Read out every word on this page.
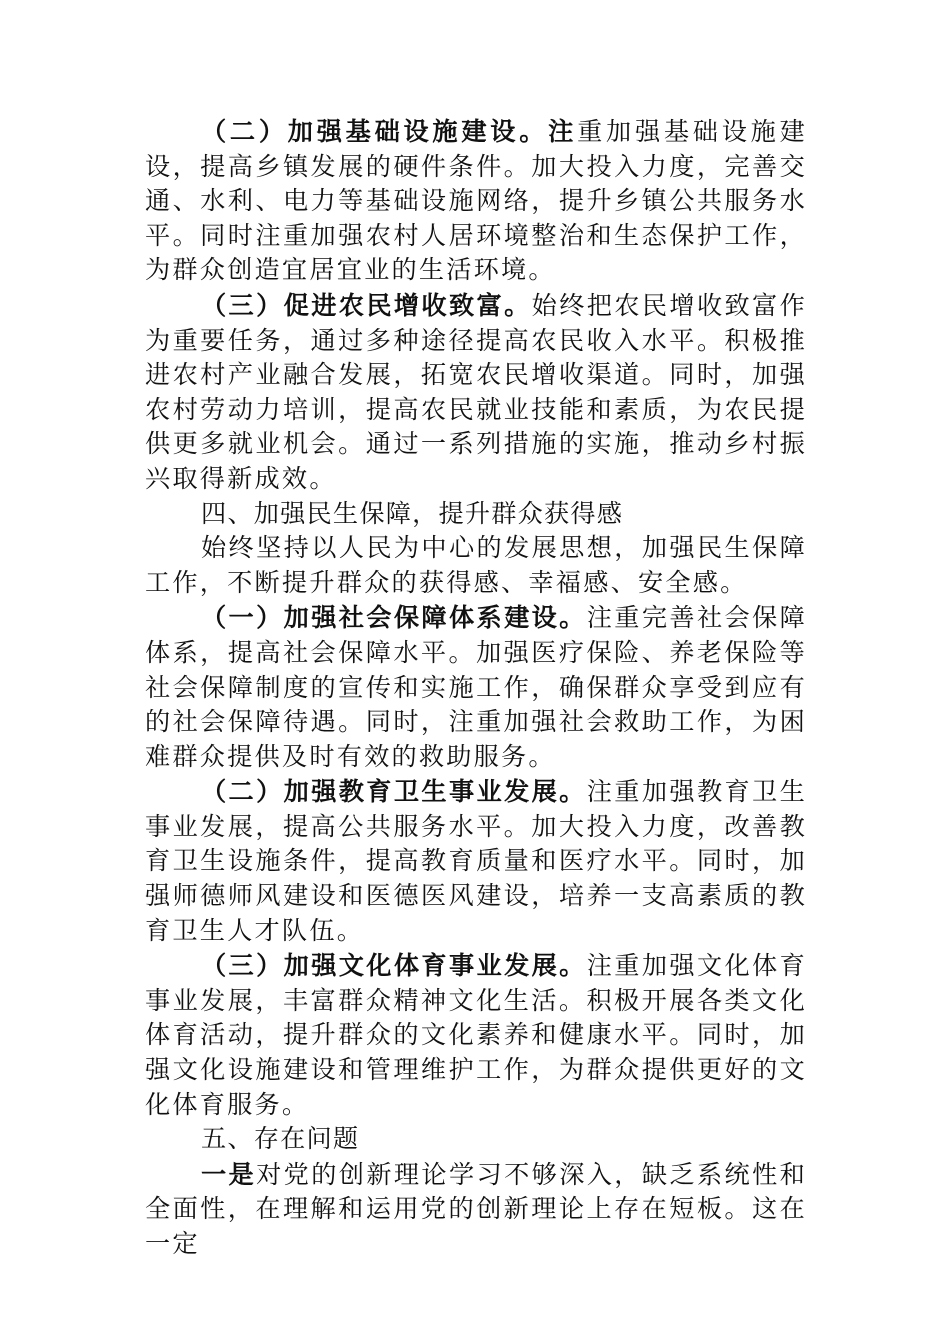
（二）加强基础设施建设。注重加强基础设施建设，提高乡镇发展的硬件条件。加大投入力度，完善交通、水利、电力等基础设施网络，提升乡镇公共服务水平。同时注重加强农村人居环境整治和生态保护工作，为群众创造宜居宜业的生活环境。

（三）促进农民增收致富。始终把农民增收致富作为重要任务，通过多种途径提高农民收入水平。积极推进农村产业融合发展，拓宽农民增收渠道。同时，加强农村劳动力培训，提高农民就业技能和素质，为农民提供更多就业机会。通过一系列措施的实施，推动乡村振兴取得新成效。

四、加强民生保障，提升群众获得感

始终坚持以人民为中心的发展思想，加强民生保障工作，不断提升群众的获得感、幸福感、安全感。

（一）加强社会保障体系建设。注重完善社会保障体系，提高社会保障水平。加强医疗保险、养老保险等社会保障制度的宣传和实施工作，确保群众享受到应有的社会保障待遇。同时，注重加强社会救助工作，为困难群众提供及时有效的救助服务。

（二）加强教育卫生事业发展。注重加强教育卫生事业发展，提高公共服务水平。加大投入力度，改善教育卫生设施条件，提高教育质量和医疗水平。同时，加强师德师风建设和医德医风建设，培养一支高素质的教育卫生人才队伍。

（三）加强文化体育事业发展。注重加强文化体育事业发展，丰富群众精神文化生活。积极开展各类文化体育活动，提升群众的文化素养和健康水平。同时，加强文化设施建设和管理维护工作，为群众提供更好的文化体育服务。

五、存在问题

一是对党的创新理论学习不够深入，缺乏系统性和全面性，在理解和运用党的创新理论上存在短板。这在一定
